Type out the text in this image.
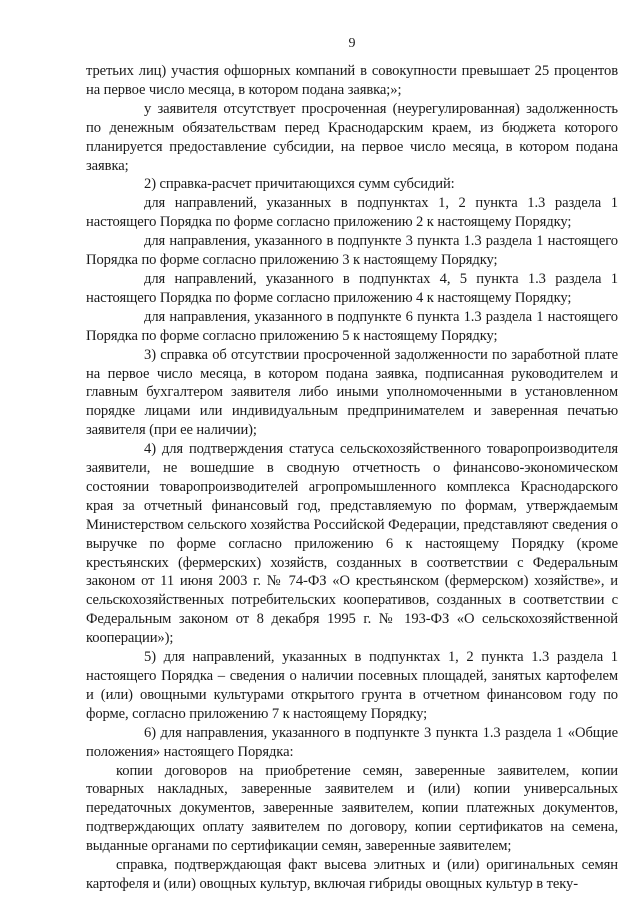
9

третьих лиц) участия офшорных компаний в совокупности превышает 25 процентов на первое число месяца, в котором подана заявка;»;

у заявителя отсутствует просроченная (неурегулированная) задолженность по денежным обязательствам перед Краснодарским краем, из бюджета которого планируется предоставление субсидии, на первое число месяца, в котором подана заявка;

2) справка-расчет причитающихся сумм субсидий:

для направлений, указанных в подпунктах 1, 2 пункта 1.3 раздела 1 настоящего Порядка по форме согласно приложению 2 к настоящему Порядку;

для направления, указанного в подпункте 3 пункта 1.3 раздела 1 настоящего Порядка по форме согласно приложению 3 к настоящему Порядку;

для направлений, указанного в подпунктах 4, 5 пункта 1.3 раздела 1 настоящего Порядка по форме согласно приложению 4 к настоящему Порядку;

для направления, указанного в подпункте 6 пункта 1.3 раздела 1 настоящего Порядка по форме согласно приложению 5 к настоящему Порядку;

3) справка об отсутствии просроченной задолженности по заработной плате на первое число месяца, в котором подана заявка, подписанная руководителем и главным бухгалтером заявителя либо иными уполномоченными в установленном порядке лицами или индивидуальным предпринимателем и заверенная печатью заявителя (при ее наличии);

4) для подтверждения статуса сельскохозяйственного товаропроизводителя заявители, не вошедшие в сводную отчетность о финансово-экономическом состоянии товаропроизводителей агропромышленного комплекса Краснодарского края за отчетный финансовый год, представляемую по формам, утверждаемым Министерством сельского хозяйства Российской Федерации, представляют сведения о выручке по форме согласно приложению 6 к настоящему Порядку (кроме крестьянских (фермерских) хозяйств, созданных в соответствии с Федеральным законом от 11 июня 2003 г. № 74-ФЗ «О крестьянском (фермерском) хозяйстве», и сельскохозяйственных потребительских кооперативов, созданных в соответствии с Федеральным законом от 8 декабря 1995 г. № 193-ФЗ «О сельскохозяйственной кооперации»);

5) для направлений, указанных в подпунктах 1, 2 пункта 1.3 раздела 1 настоящего Порядка – сведения о наличии посевных площадей, занятых картофелем и (или) овощными культурами открытого грунта в отчетном финансовом году по форме, согласно приложению 7 к настоящему Порядку;

6) для направления, указанного в подпункте 3 пункта 1.3 раздела 1 «Общие положения» настоящего Порядка:

копии договоров на приобретение семян, заверенные заявителем, копии товарных накладных, заверенные заявителем и (или) копии универсальных передаточных документов, заверенные заявителем, копии платежных документов, подтверждающих оплату заявителем по договору, копии сертификатов на семена, выданные органами по сертификации семян, заверенные заявителем;

справка, подтверждающая факт высева элитных и (или) оригинальных семян картофеля и (или) овощных культур, включая гибриды овощных культур в теку-
